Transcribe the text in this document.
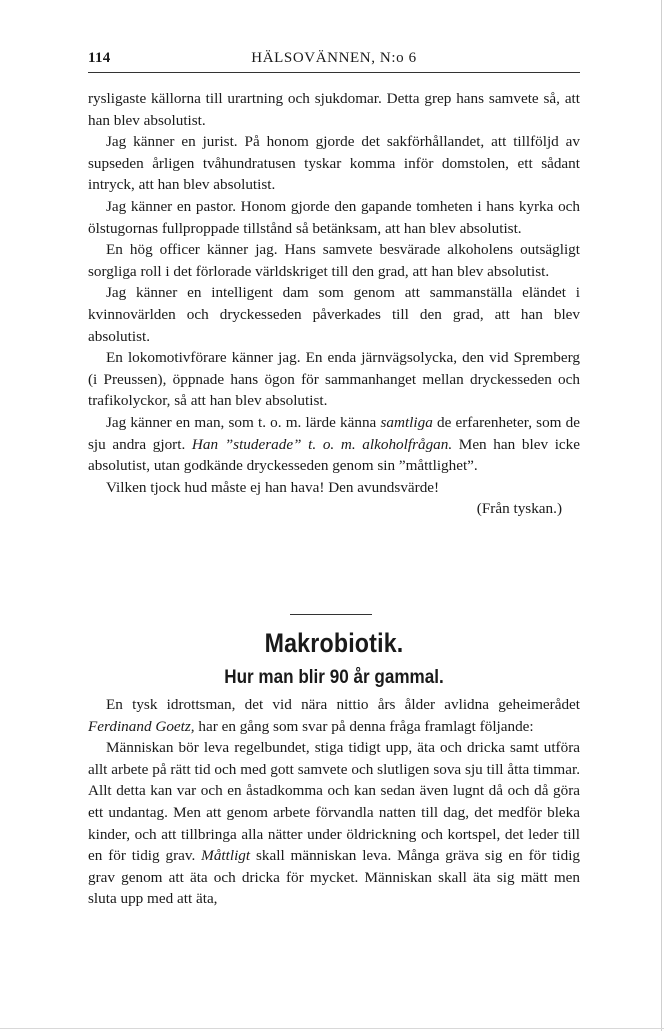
114	HÄLSOVÄNNEN, N:o 6

rysligaste källorna till urartning och sjukdomar. Detta grep hans samvete så, att han blev absolutist.

Jag känner en jurist. På honom gjorde det sakförhållandet, att tillföljd av supseden årligen tvåhundratusen tyskar komma inför domstolen, ett sådant intryck, att han blev absolutist.

Jag känner en pastor. Honom gjorde den gapande tomheten i hans kyrka och ölstugornas fullproppade tillstånd så betänksam, att han blev absolutist.

En hög officer känner jag. Hans samvete besvärade alkoholens outsägligt sorgliga roll i det förlorade världskriget till den grad, att han blev absolutist.

Jag känner en intelligent dam som genom att sammanställa eländet i kvinnovärlden och dryckesseden påverkades till den grad, att han blev absolutist.

En lokomotivförare känner jag. En enda järnvägsolycka, den vid Spremberg (i Preussen), öppnade hans ögon för sammanhanget mellan dryckesseden och trafikolyckor, så att han blev absolutist.

Jag känner en man, som t. o. m. lärde känna samtliga de erfarenheter, som de sju andra gjort. Han ”studerade” t. o. m. alkoholfrågan. Men han blev icke absolutist, utan godkände dryckesseden genom sin ”måttlighet”.

Vilken tjock hud måste ej han hava! Den avundsvärde!

(Från tyskan.)

Makrobiotik.
Hur man blir 90 år gammal.

En tysk idrottsman, det vid nära nittio års ålder avlidna geheimerådet Ferdinand Goetz, har en gång som svar på denna fråga framlagt följande:

Människan bör leva regelbundet, stiga tidigt upp, äta och dricka samt utföra allt arbete på rätt tid och med gott samvete och slutligen sova sju till åtta timmar. Allt detta kan var och en åstadkomma och kan sedan även lugnt då och då göra ett undantag. Men att genom arbete förvandla natten till dag, det medför bleka kinder, och att tillbringa alla nätter under öldrickning och kortspel, det leder till en för tidig grav. Måttligt skall människan leva. Många gräva sig en för tidig grav genom att äta och dricka för mycket. Människan skall äta sig mätt men sluta upp med att äta,
